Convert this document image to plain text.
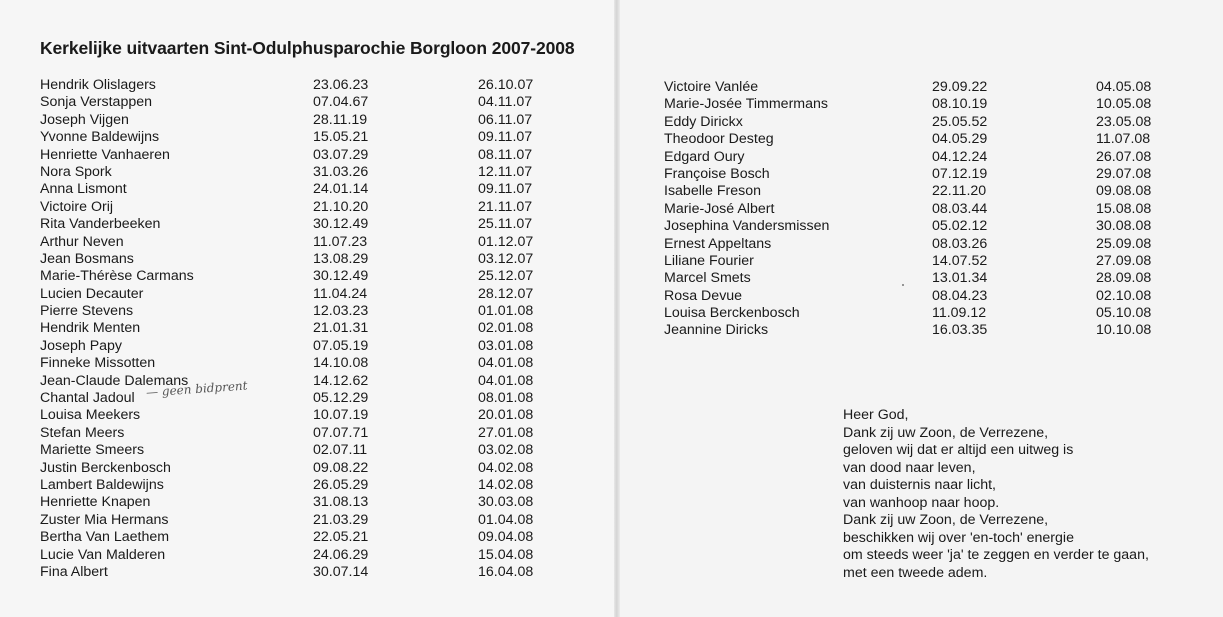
Kerkelijke uitvaarten Sint-Odulphusparochie Borgloon 2007-2008
Hendrik Olislagers	23.06.23	26.10.07
Sonja Verstappen	07.04.67	04.11.07
Joseph Vijgen	28.11.19	06.11.07
Yvonne Baldewijns	15.05.21	09.11.07
Henriette Vanhaeren	03.07.29	08.11.07
Nora Spork	31.03.26	12.11.07
Anna Lismont	24.01.14	09.11.07
Victoire Orij	21.10.20	21.11.07
Rita Vanderbeeken	30.12.49	25.11.07
Arthur Neven	11.07.23	01.12.07
Jean Bosmans	13.08.29	03.12.07
Marie-Thérèse Carmans	30.12.49	25.12.07
Lucien Decauter	11.04.24	28.12.07
Pierre Stevens	12.03.23	01.01.08
Hendrik Menten	21.01.31	02.01.08
Joseph Papy	07.05.19	03.01.08
Finneke Missotten	14.10.08	04.01.08
Jean-Claude Dalemans	14.12.62	04.01.08
Chantal Jadoul	05.12.29	08.01.08
Louisa Meekers	10.07.19	20.01.08
Stefan Meers	07.07.71	27.01.08
Mariette Smeers	02.07.11	03.02.08
Justin Berckenbosch	09.08.22	04.02.08
Lambert Baldewijns	26.05.29	14.02.08
Henriette Knapen	31.08.13	30.03.08
Zuster Mia Hermans	21.03.29	01.04.08
Bertha Van Laethem	22.05.21	09.04.08
Lucie Van Malderen	24.06.29	15.04.08
Fina Albert	30.07.14	16.04.08
— geen bidprent
Victoire Vanlée	29.09.22	04.05.08
Marie-Josée Timmermans	08.10.19	10.05.08
Eddy Dirickx	25.05.52	23.05.08
Theodoor Desteg	04.05.29	11.07.08
Edgard Oury	04.12.24	26.07.08
Françoise Bosch	07.12.19	29.07.08
Isabelle Freson	22.11.20	09.08.08
Marie-José Albert	08.03.44	15.08.08
Josephina Vandersmissen	05.02.12	30.08.08
Ernest Appeltans	08.03.26	25.09.08
Liliane Fourier	14.07.52	27.09.08
Marcel Smets	13.01.34	28.09.08
Rosa Devue	08.04.23	02.10.08
Louisa Berckenbosch	11.09.12	05.10.08
Jeannine Diricks	16.03.35	10.10.08
Heer God,
Dank zij uw Zoon, de Verrezene,
geloven wij dat er altijd een uitweg is
van dood naar leven,
van duisternis naar licht,
van wanhoop naar hoop.
Dank zij uw Zoon, de Verrezene,
beschikken wij over 'en-toch' energie
om steeds weer 'ja' te zeggen en verder te gaan,
met een tweede adem.
